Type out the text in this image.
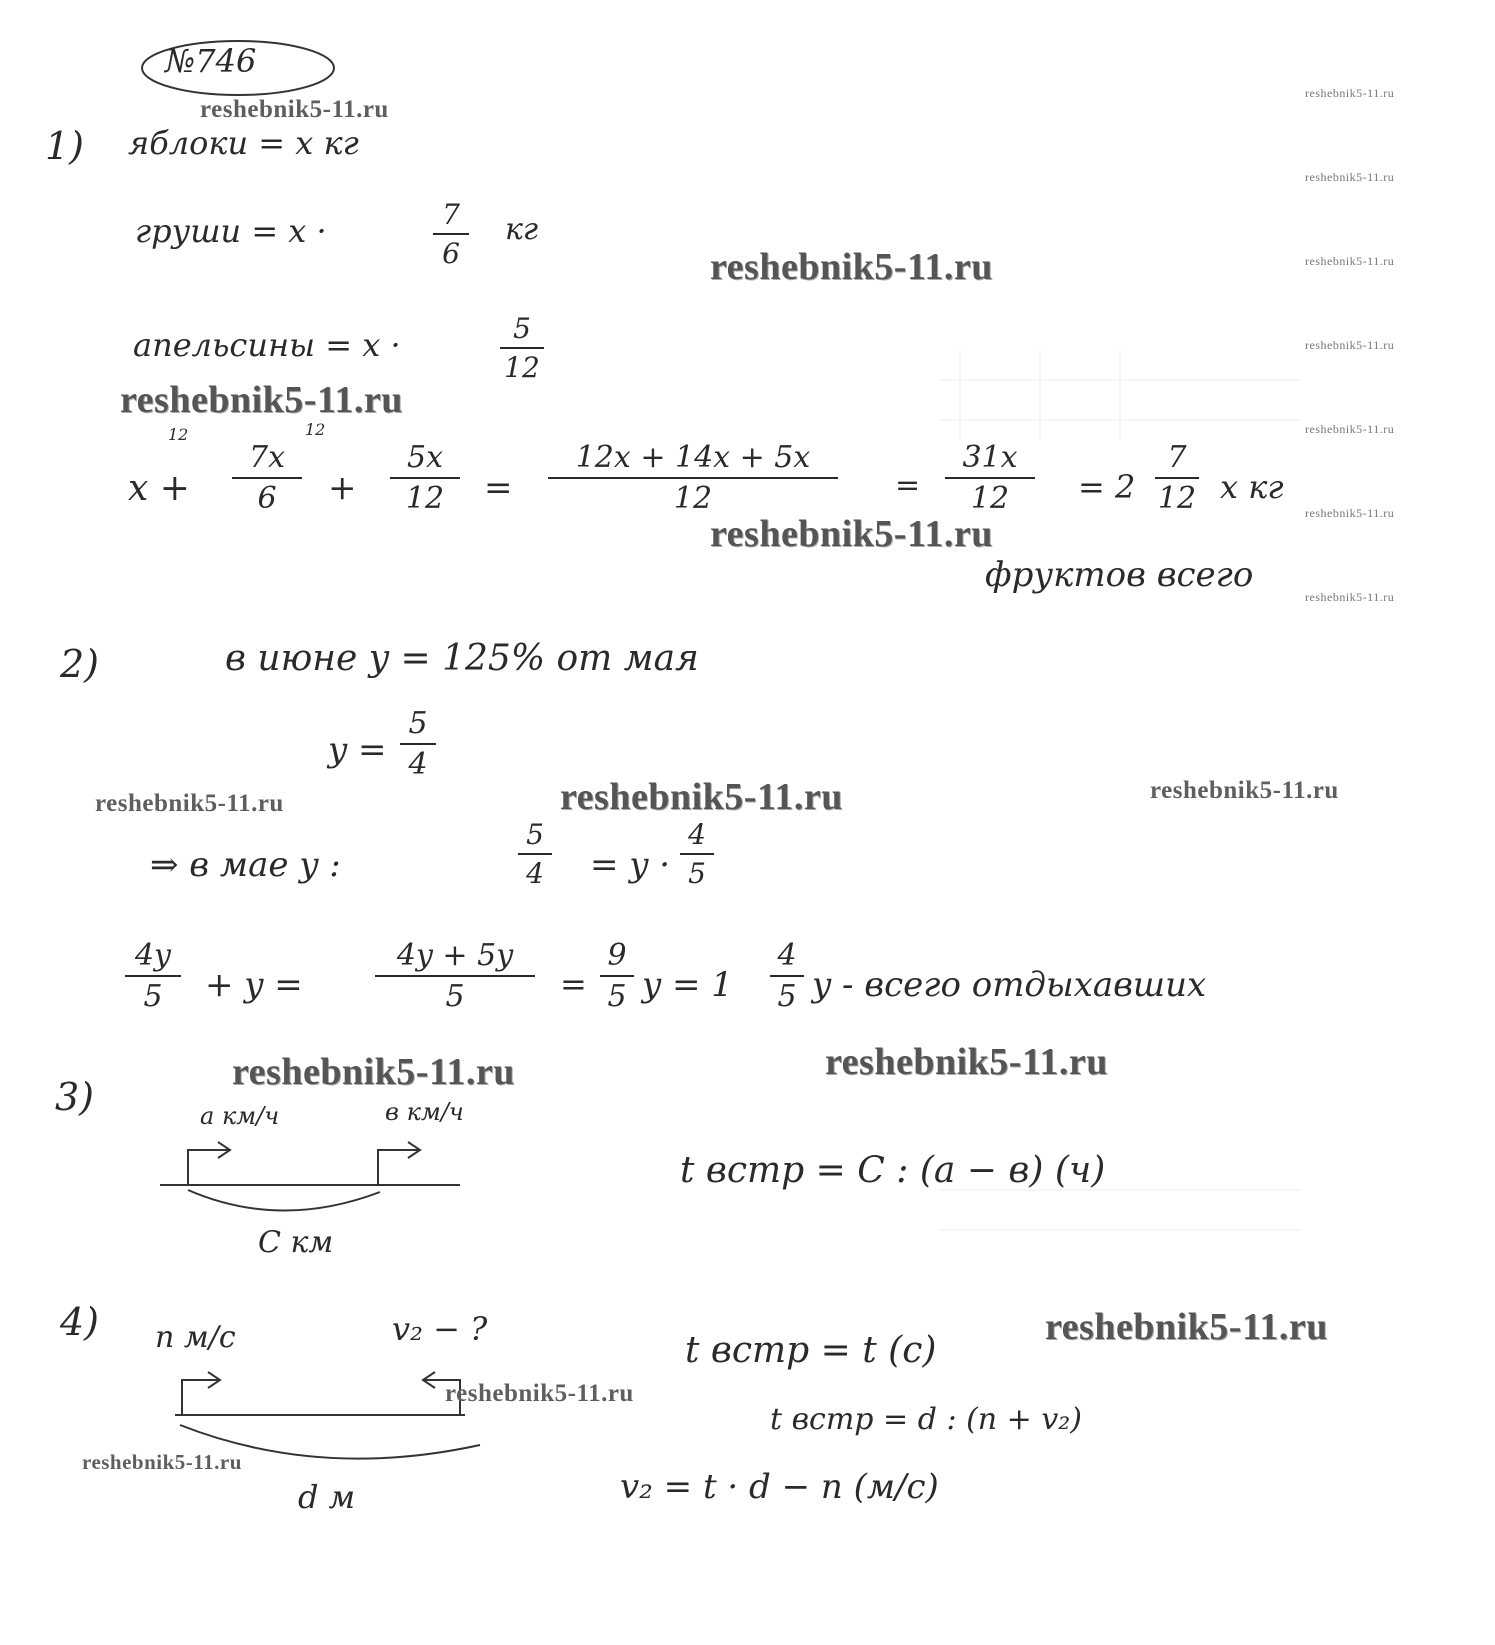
№746
reshebnik5-11.ru
reshebnik5-11.ru
reshebnik5-11.ru
reshebnik5-11.ru
reshebnik5-11.ru
reshebnik5-11.ru
reshebnik5-11.ru
reshebnik5-11.ru
reshebnik5-11.ru
reshebnik5-11.ru
reshebnik5-11.ru
reshebnik5-11.ru	reshebnik5-11.ru	reshebnik5-11.ru
reshebnik5-11.ru	reshebnik5-11.ru
reshebnik5-11.ru
reshebnik5-11.ru
reshebnik5-11.ru
1) яблоки = x кг
груши = x ·	7
6
кг
апельсины = x ·	5
12
12	12
x +
7x
6	+
5x
12	=
12x + 14x + 5x
12	=
31x
12	= 2
7
12 x кг
фруктов всего
2)	в июне y = 125% от мая
y =
5
4
⇒ в мае y :
5
4 = y ·
4
5
4y
5	+ y =
4y + 5y
5	=
9
5 y = 1
4
5 y - всего отдыхавших
3)	a км/ч	в км/ч
С км
t встр = С : (a − в) (ч)
4) n м/с	v₂ − ?
d м
t встр = t (с)
t встр = d : (n + v₂)
v₂ = t · d − n (м/с)
